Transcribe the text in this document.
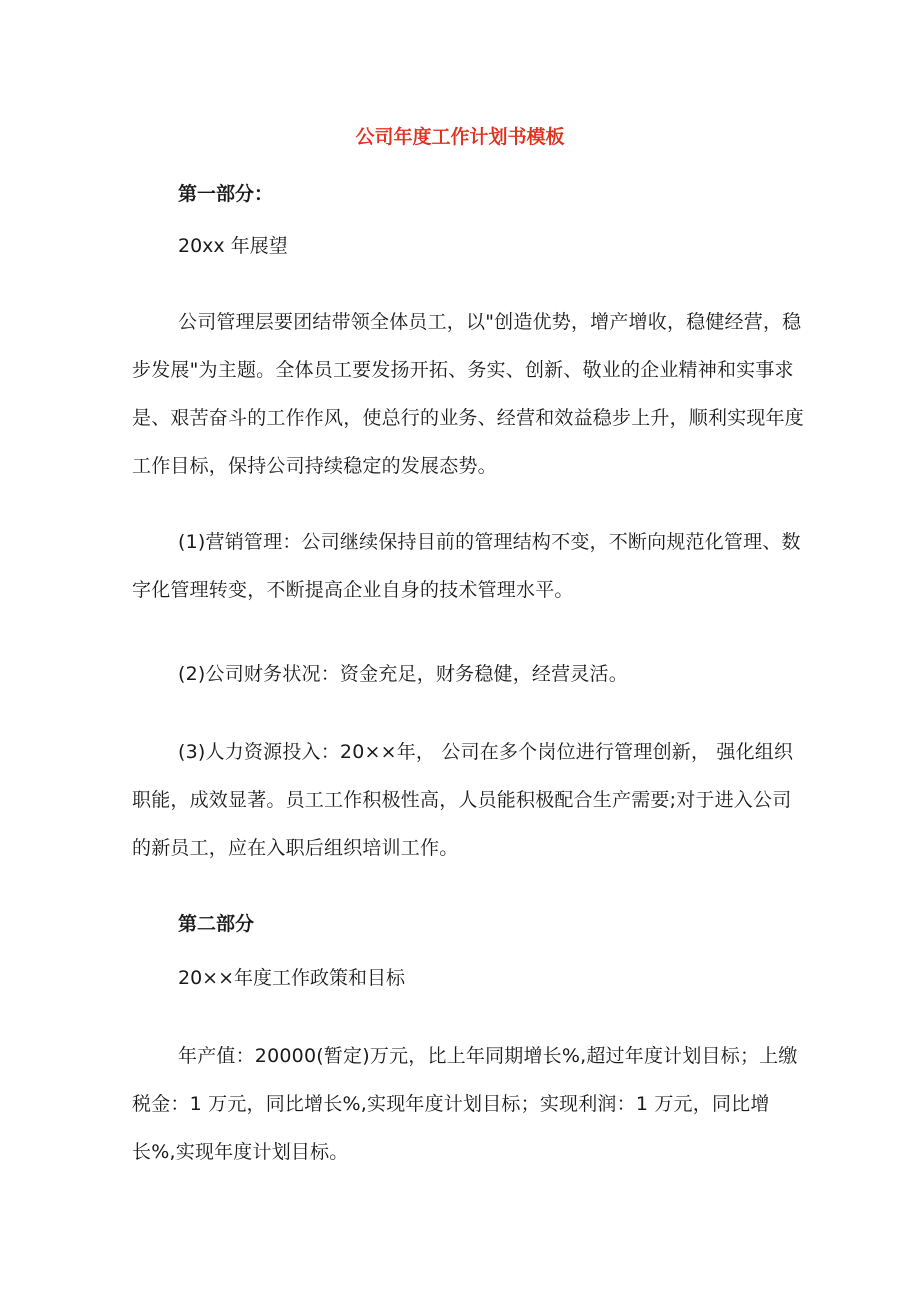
公司年度工作计划书模板
第一部分：

20xx 年展望

公司管理层要团结带领全体员工，以"创造优势，增产增收，稳健经营，稳步发展"为主题。全体员工要发扬开拓、务实、创新、敬业的企业精神和实事求是、艰苦奋斗的工作作风，使总行的业务、经营和效益稳步上升，顺利实现年度工作目标，保持公司持续稳定的发展态势。

(1)营销管理：公司继续保持目前的管理结构不变，不断向规范化管理、数字化管理转变，不断提高企业自身的技术管理水平。

(2)公司财务状况：资金充足，财务稳健，经营灵活。

(3)人力资源投入：20××年， 公司在多个岗位进行管理创新， 强化组织职能，成效显著。员工工作积极性高，人员能积极配合生产需要;对于进入公司的新员工，应在入职后组织培训工作。

第二部分

20××年度工作政策和目标

年产值：20000(暂定)万元，比上年同期增长%,超过年度计划目标；上缴税金：1 万元，同比增长%,实现年度计划目标；实现利润：1 万元，同比增长%,实现年度计划目标。
